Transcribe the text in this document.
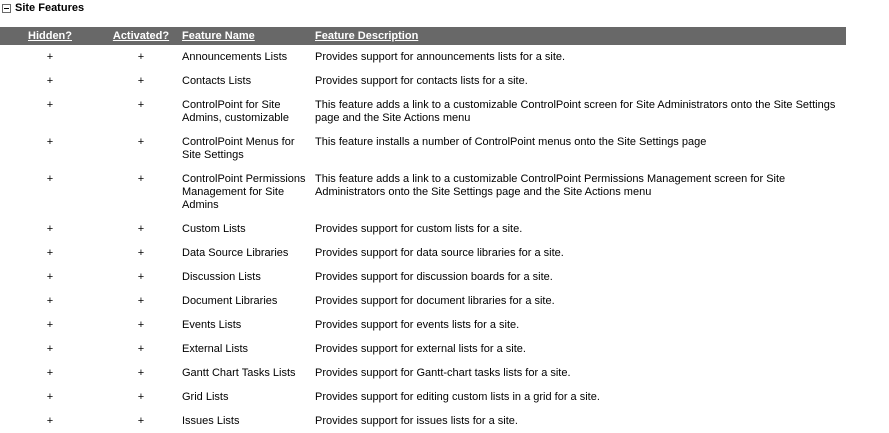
Site Features
Hidden?	Activated?	Feature Name	Feature Description
+	+	Announcements Lists	Provides support for announcements lists for a site.
+	+	Contacts Lists	Provides support for contacts lists for a site.
+	+	ControlPoint for Site Admins, customizable	This feature adds a link to a customizable ControlPoint screen for Site Administrators onto the Site Settings page and the Site Actions menu
+	+	ControlPoint Menus for Site Settings	This feature installs a number of ControlPoint menus onto the Site Settings page
+	+	ControlPoint Permissions Management for Site Admins	This feature adds a link to a customizable ControlPoint Permissions Management screen for Site Administrators onto the Site Settings page and the Site Actions menu
+	+	Custom Lists	Provides support for custom lists for a site.
+	+	Data Source Libraries	Provides support for data source libraries for a site.
+	+	Discussion Lists	Provides support for discussion boards for a site.
+	+	Document Libraries	Provides support for document libraries for a site.
+	+	Events Lists	Provides support for events lists for a site.
+	+	External Lists	Provides support for external lists for a site.
+	+	Gantt Chart Tasks Lists	Provides support for Gantt-chart tasks lists for a site.
+	+	Grid Lists	Provides support for editing custom lists in a grid for a site.
+	+	Issues Lists	Provides support for issues lists for a site.
